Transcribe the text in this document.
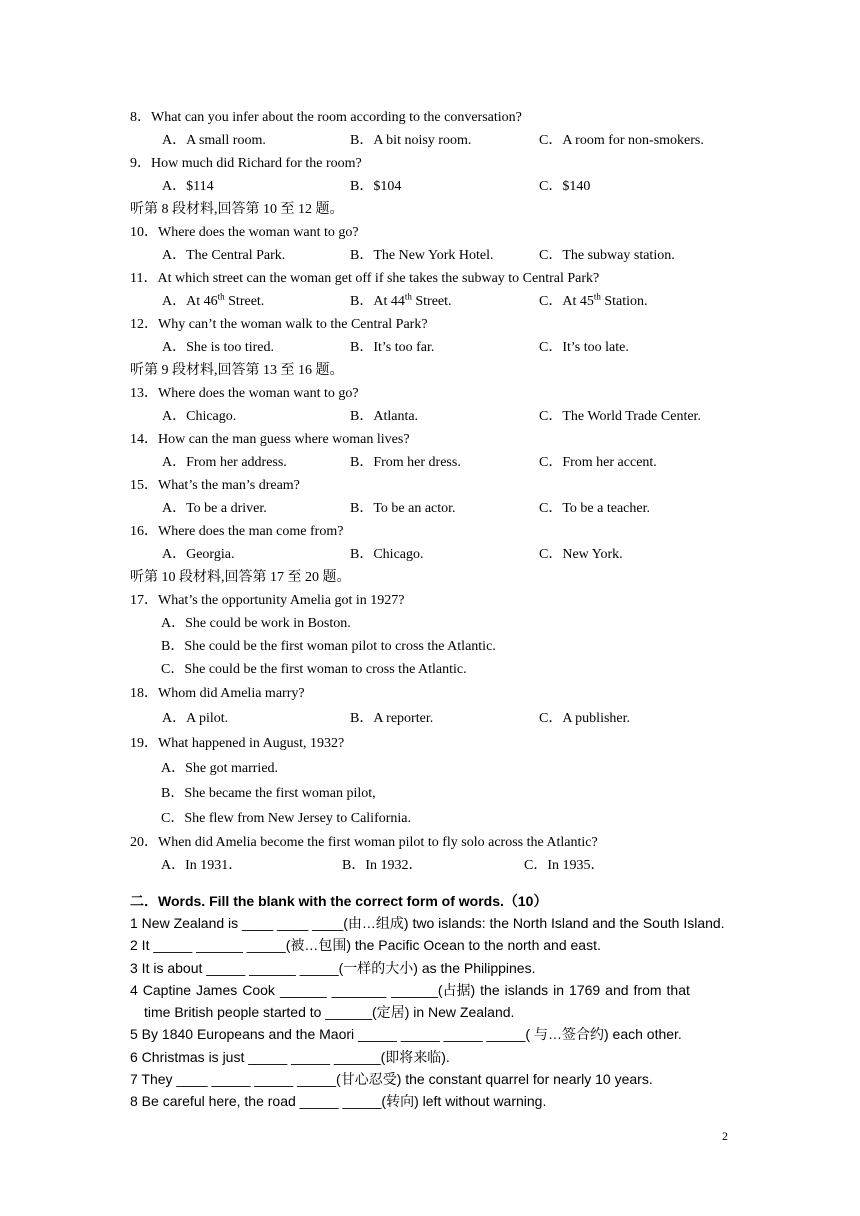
8．What can you infer about the room according to the conversation?
A．A small room.	B．A bit noisy room.	C．A room for non-smokers.
9．How much did Richard for the room?
A．$114	B．$104	C．$140
听第 8 段材料,回答第 10 至 12 题。
10．Where does the woman want to go?
A．The Central Park.	B．The New York Hotel.	C．The subway station.
11．At which street can the woman get off if she takes the subway to Central Park?
A．At 46th Street.	B．At 44th Street.	C．At 45th Station.
12．Why can’t the woman walk to the Central Park?
A．She is too tired.	B．It’s too far.	C．It’s too late.
听第 9 段材料,回答第 13 至 16 题。
13．Where does the woman want to go?
A．Chicago.	B．Atlanta.	C．The World Trade Center.
14．How can the man guess where woman lives?
A．From her address.	B．From her dress.	C．From her accent.
15．What’s the man’s dream?
A．To be a driver.	B．To be an actor.	C．To be a teacher.
16．Where does the man come from?
A．Georgia.	B．Chicago.	C．New York.
听第 10 段材料,回答第 17 至 20 题。
17．What’s the opportunity Amelia got in 1927?
A．She could be work in Boston.
B．She could be the first woman pilot to cross the Atlantic.
C．She could be the first woman to cross the Atlantic.
18．Whom did Amelia marry?
A．A pilot.	B．A reporter.	C．A publisher.
19．What happened in August, 1932?
A．She got married.
B．She became the first woman pilot,
C．She flew from New Jersey to California.
20．When did Amelia become the first woman pilot to fly solo across the Atlantic?
A．In 1931．	B．In 1932．	C．In 1935．
二．Words. Fill the blank with the correct form of words.（10）
1 New Zealand is ____ ____ ____(由…组成) two islands: the North Island and the South Island.
2 It _____ ______ _____(被…包围) the Pacific Ocean to the north and east.
3 It is about _____ ______ _____(一样的大小) as the Philippines.
4 Captine James Cook ______ _______ ______(占据) the islands in 1769 and from that
time British people started to ______(定居) in New Zealand.
5 By 1840 Europeans and the Maori _____ _____ _____ _____( 与…签合约) each other.
6 Christmas is just _____ _____ ______(即将来临).
7 They ____ _____ _____ _____(甘心忍受) the constant quarrel for nearly 10 years.
8 Be careful here, the road _____ _____(转向) left without warning.
2
